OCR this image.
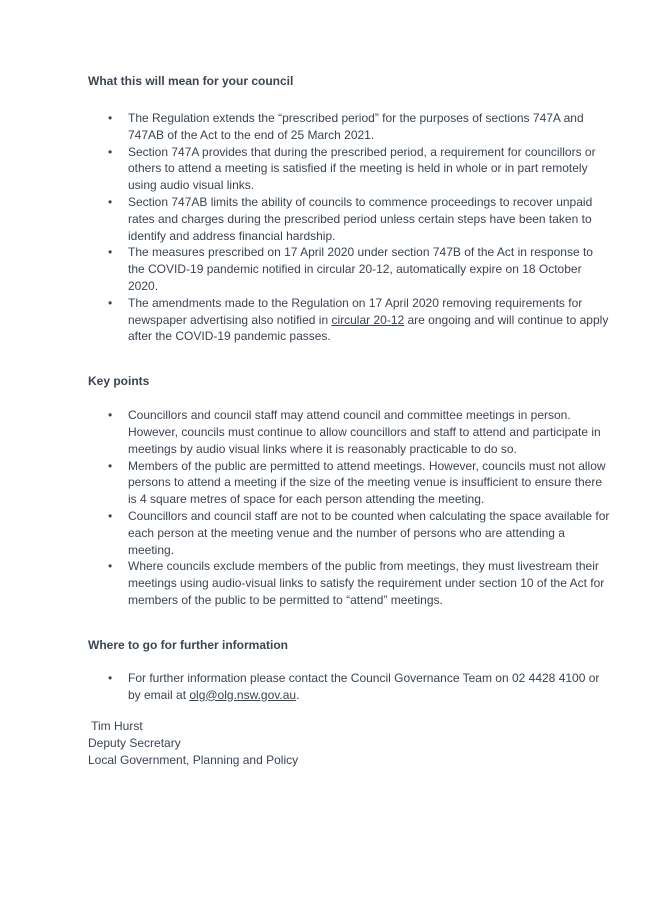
What this will mean for your council

• The Regulation extends the “prescribed period” for the purposes of sections 747A and
747AB of the Act to the end of 25 March 2021.
• Section 747A provides that during the prescribed period, a requirement for councillors or
others to attend a meeting is satisfied if the meeting is held in whole or in part remotely
using audio visual links.
• Section 747AB limits the ability of councils to commence proceedings to recover unpaid
rates and charges during the prescribed period unless certain steps have been taken to
identify and address financial hardship.
• The measures prescribed on 17 April 2020 under section 747B of the Act in response to
the COVID-19 pandemic notified in circular 20-12, automatically expire on 18 October
2020.
• The amendments made to the Regulation on 17 April 2020 removing requirements for
newspaper advertising also notified in circular 20-12 are ongoing and will continue to apply
after the COVID-19 pandemic passes.

Key points

• Councillors and council staff may attend council and committee meetings in person.
However, councils must continue to allow councillors and staff to attend and participate in
meetings by audio visual links where it is reasonably practicable to do so.
• Members of the public are permitted to attend meetings. However, councils must not allow
persons to attend a meeting if the size of the meeting venue is insufficient to ensure there
is 4 square metres of space for each person attending the meeting.
• Councillors and council staff are not to be counted when calculating the space available for
each person at the meeting venue and the number of persons who are attending a
meeting.
• Where councils exclude members of the public from meetings, they must livestream their
meetings using audio-visual links to satisfy the requirement under section 10 of the Act for
members of the public to be permitted to “attend” meetings.

Where to go for further information

• For further information please contact the Council Governance Team on 02 4428 4100 or
by email at olg@olg.nsw.gov.au.
Tim Hurst
Deputy Secretary
Local Government, Planning and Policy
